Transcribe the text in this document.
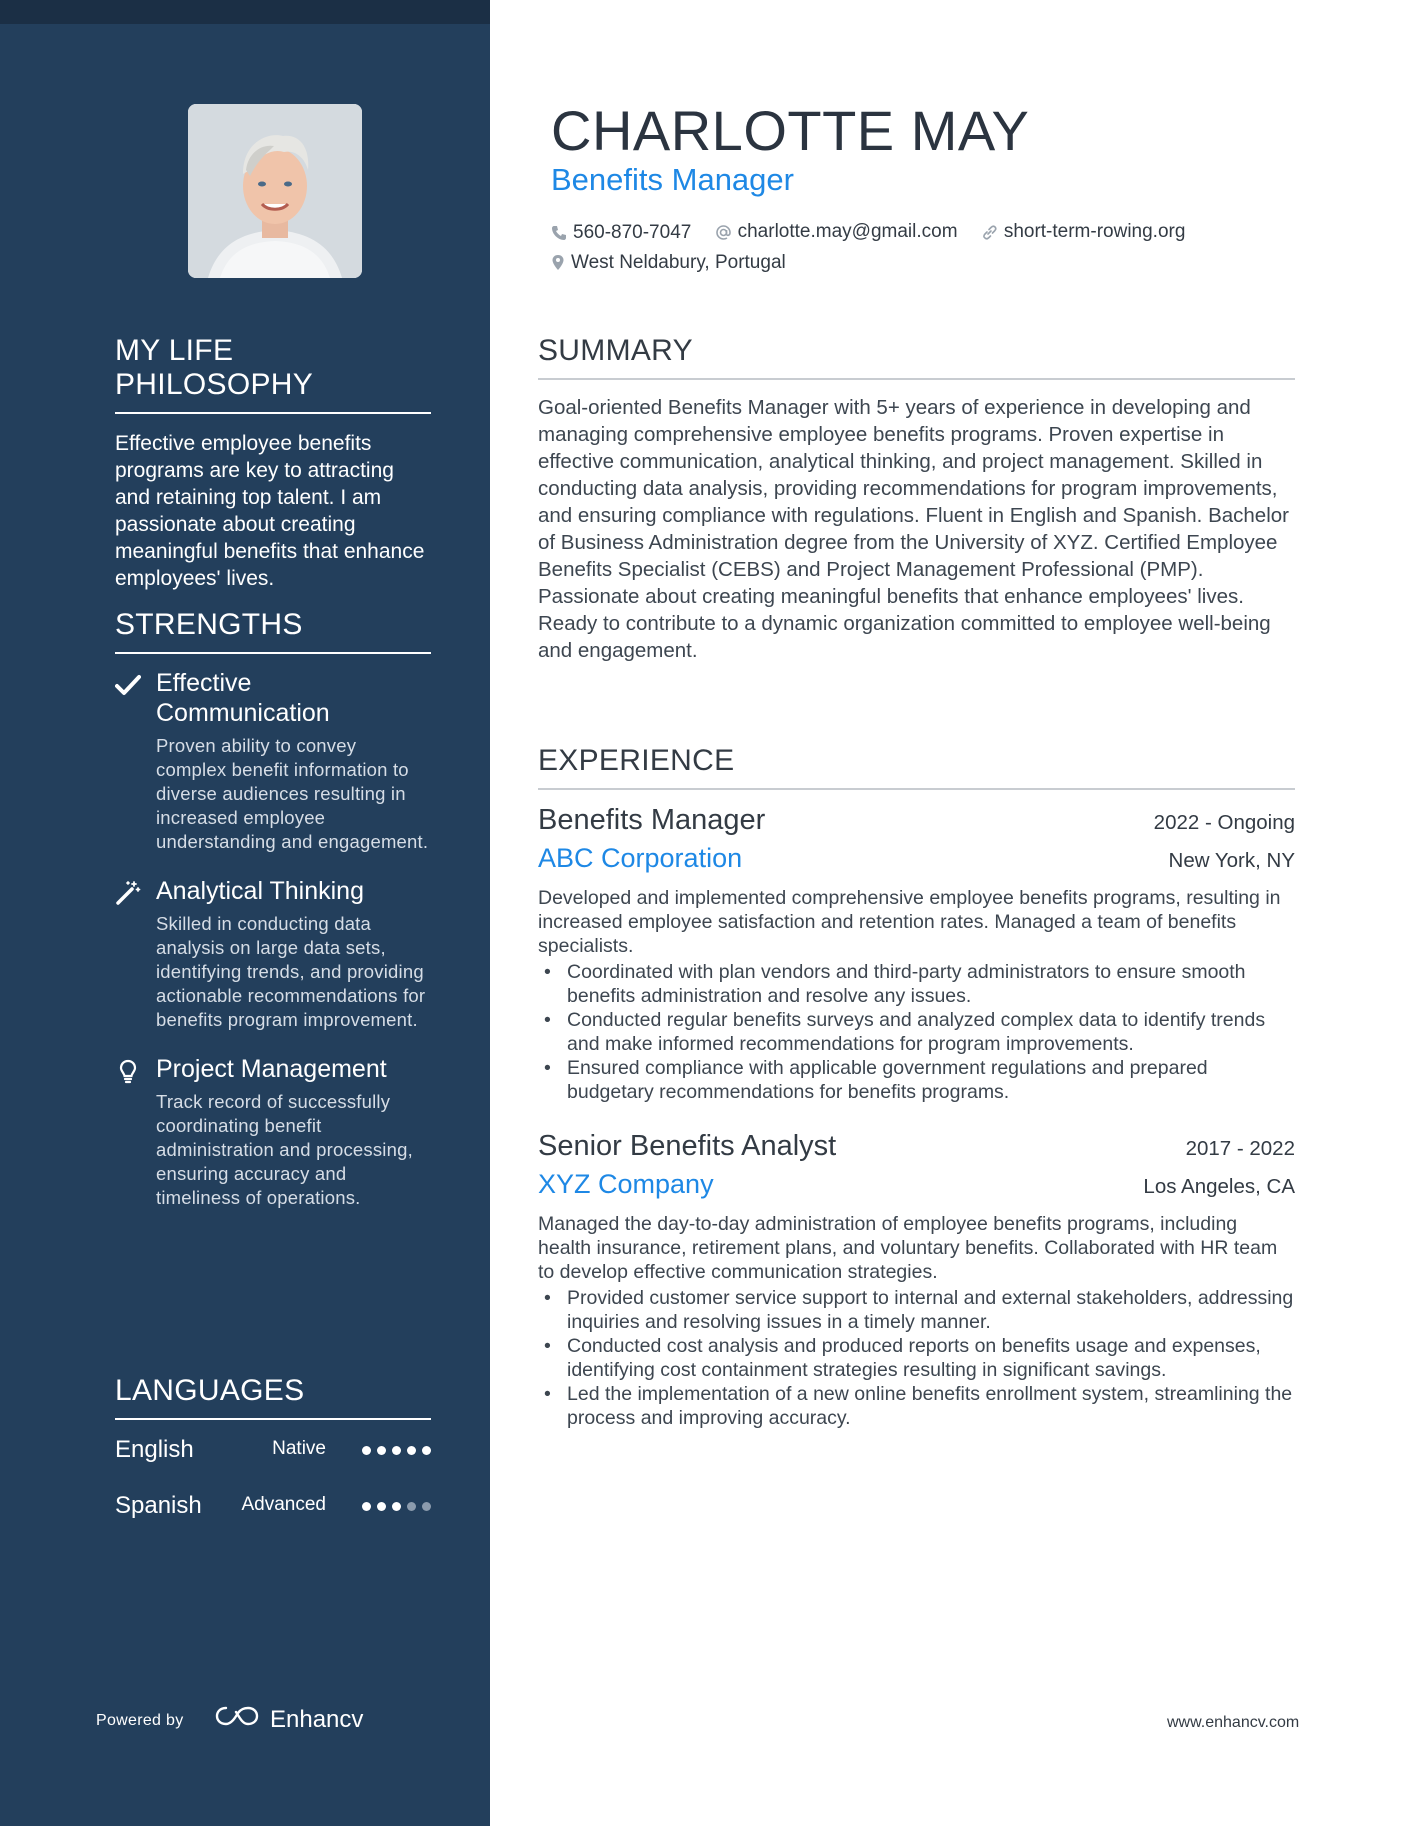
MY LIFE PHILOSOPHY
Effective employee benefits programs are key to attracting and retaining top talent. I am passionate about creating meaningful benefits that enhance employees' lives.
STRENGTHS
Effective Communication
Proven ability to convey complex benefit information to diverse audiences resulting in increased employee understanding and engagement.
Analytical Thinking
Skilled in conducting data analysis on large data sets, identifying trends, and providing actionable recommendations for benefits program improvement.
Project Management
Track record of successfully coordinating benefit administration and processing, ensuring accuracy and timeliness of operations.
LANGUAGES
English	Native
Spanish Advanced
Powered by	Enhancv
CHARLOTTE MAY
Benefits Manager
560-870-7047
charlotte.may@gmail.com
short-term-rowing.org

West Neldabury, Portugal
SUMMARY
Goal-oriented Benefits Manager with 5+ years of experience in developing and managing comprehensive employee benefits programs. Proven expertise in effective communication, analytical thinking, and project management. Skilled in conducting data analysis, providing recommendations for program improvements, and ensuring compliance with regulations. Fluent in English and Spanish. Bachelor of Business Administration degree from the University of XYZ. Certified Employee Benefits Specialist (CEBS) and Project Management Professional (PMP). Passionate about creating meaningful benefits that enhance employees' lives. Ready to contribute to a dynamic organization committed to employee well-being and engagement.
EXPERIENCE
Benefits Manager	2022 - Ongoing
ABC Corporation	New York, NY
Developed and implemented comprehensive employee benefits programs, resulting in increased employee satisfaction and retention rates. Managed a team of benefits specialists.
• Coordinated with plan vendors and third-party administrators to ensure smooth benefits administration and resolve any issues.
• Conducted regular benefits surveys and analyzed complex data to identify trends and make informed recommendations for program improvements.
• Ensured compliance with applicable government regulations and prepared budgetary recommendations for benefits programs.
Senior Benefits Analyst	2017 - 2022
XYZ Company	Los Angeles, CA
Managed the day-to-day administration of employee benefits programs, including health insurance, retirement plans, and voluntary benefits. Collaborated with HR team to develop effective communication strategies.
• Provided customer service support to internal and external stakeholders, addressing inquiries and resolving issues in a timely manner.
• Conducted cost analysis and produced reports on benefits usage and expenses, identifying cost containment strategies resulting in significant savings.
• Led the implementation of a new online benefits enrollment system, streamlining the process and improving accuracy.
www.enhancv.com
